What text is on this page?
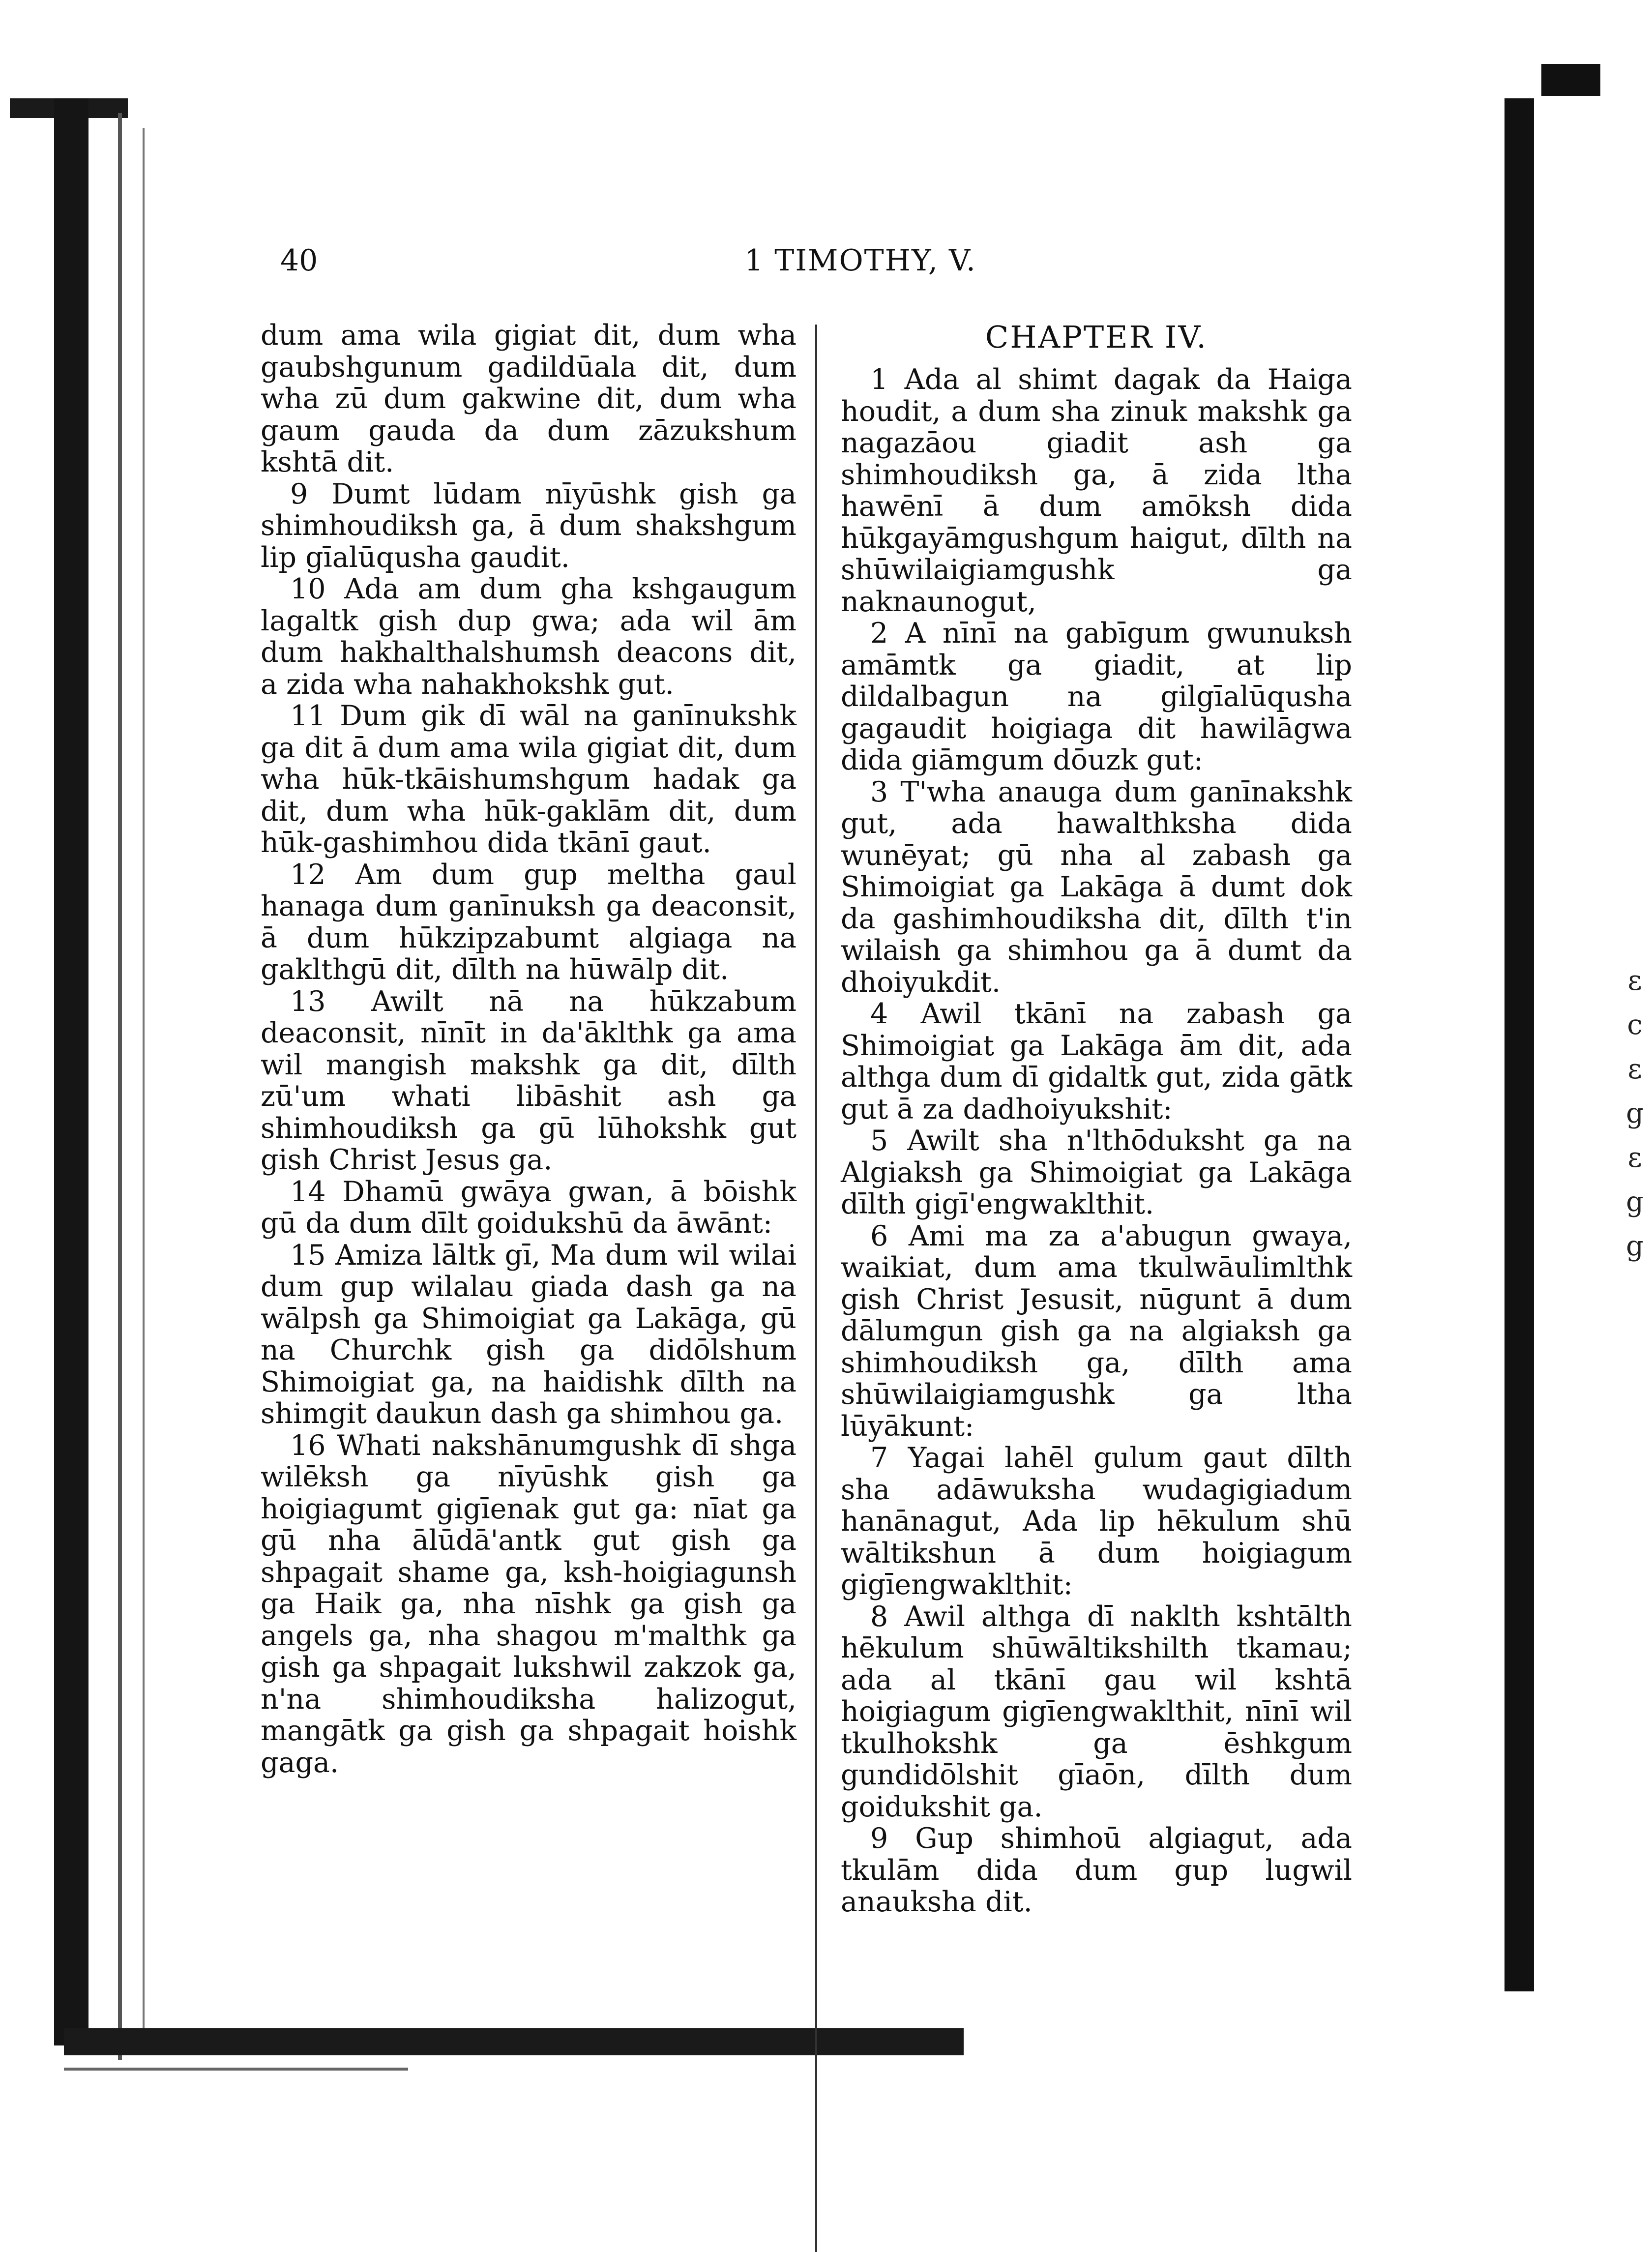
ɛ
c
ɛ
g
ɛ
g
g
40	1 TIMOTHY, V.

dum ama wila gigiat dit, dum wha gaubshgunum gadildūala dit, dum wha zū dum gakwine dit, dum wha gaum gauda da dum zāzukshum kshtā dit.

9 Dumt lūdam nīyūshk gish ga shimhoudiksh ga, ā dum shakshgum lip gīalūqusha gaudit.

10 Ada am dum gha kshgaugum lagaltk gish dup gwa; ada wil ām dum hakhalthalshumsh deacons dit, a zida wha nahakhokshk gut.

11 Dum gik dī wāl na ganīnukshk ga dit ā dum ama wila gigiat dit, dum wha hūk-tkāishumshgum hadak ga dit, dum wha hūk-gaklām dit, dum hūk-gashimhou dida tkānī gaut.

12 Am dum gup meltha gaul hanaga dum ganīnuksh ga deaconsit, ā dum hūkzipzabumt algiaga na gaklthgū dit, dīlth na hūwālp dit.

13 Awilt nā na hūkzabum deaconsit, nīnīt in da'āklthk ga ama wil mangish makshk ga dit, dīlth zū'um whati libāshit ash ga shimhoudiksh ga gū lūhokshk gut gish Christ Jesus ga.

14 Dhamū gwāya gwan, ā bōishk gū da dum dīlt goidukshū da āwānt:

15 Amiza lāltk gī, Ma dum wil wilai dum gup wilalau giada dash ga na wālpsh ga Shimoigiat ga Lakāga, gū na Churchk gish ga didōlshum Shimoigiat ga, na haidishk dīlth na shimgit daukun dash ga shimhou ga.

16 Whati nakshānumgushk dī shga wilēksh ga nīyūshk gish ga hoigiagumt gigīenak gut ga: nīat ga gū nha ālūdā'antk gut gish ga shpagait shame ga, ksh-hoigiagunsh ga Haik ga, nha nīshk ga gish ga angels ga, nha shagou m'malthk ga gish ga shpagait lukshwil zakzok ga, n'na shimhoudiksha halizogut, mangātk ga gish ga shpagait hoishk gaga.

CHAPTER IV.

1 Ada al shimt dagak da Haiga houdit, a dum sha zinuk makshk ga nagazāou giadit ash ga shimhoudiksh ga, ā zida ltha hawēnī ā dum amōksh dida hūkgayāmgushgum haigut, dīlth na shūwilaigiamgushk ga naknaunogut,

2 A nīnī na gabīgum gwunuksh amāmtk ga giadit, at lip dildalbagun na gilgīalūqusha gagaudit hoigiaga dit hawilāgwa dida giāmgum dōuzk gut:

3 T'wha anauga dum ganīnakshk gut, ada hawalthksha dida wunēyat; gū nha al zabash ga Shimoigiat ga Lakāga ā dumt dok da gashimhoudiksha dit, dīlth t'in wilaish ga shimhou ga ā dumt da dhoiyukdit.

4 Awil tkānī na zabash ga Shimoigiat ga Lakāga ām dit, ada althga dum dī gidaltk gut, zida gātk gut ā za dadhoiyukshit:

5 Awilt sha n'lthōduksht ga na Algiaksh ga Shimoigiat ga Lakāga dīlth gigī'engwaklthit.

6 Ami ma za a'abugun gwaya, waikiat, dum ama tkulwāulimlthk gish Christ Jesusit, nūgunt ā dum dālumgun gish ga na algiaksh ga shimhoudiksh ga, dīlth ama shūwilaigiamgushk ga ltha lūyākunt:

7 Yagai lahēl gulum gaut dīlth sha adāwuksha wudagigiadum hanānagut, Ada lip hēkulum shū wāltikshun ā dum hoigiagum gigīengwaklthit:

8 Awil althga dī naklth kshtālth hēkulum shūwāltikshilth tkamau; ada al tkānī gau wil kshtā hoigiagum gigīengwaklthit, nīnī wil tkulhokshk ga ēshkgum gundidōlshit gīaōn, dīlth dum goidukshit ga.

9 Gup shimhoū algiagut, ada tkulām dida dum gup lugwil anauksha dit.
